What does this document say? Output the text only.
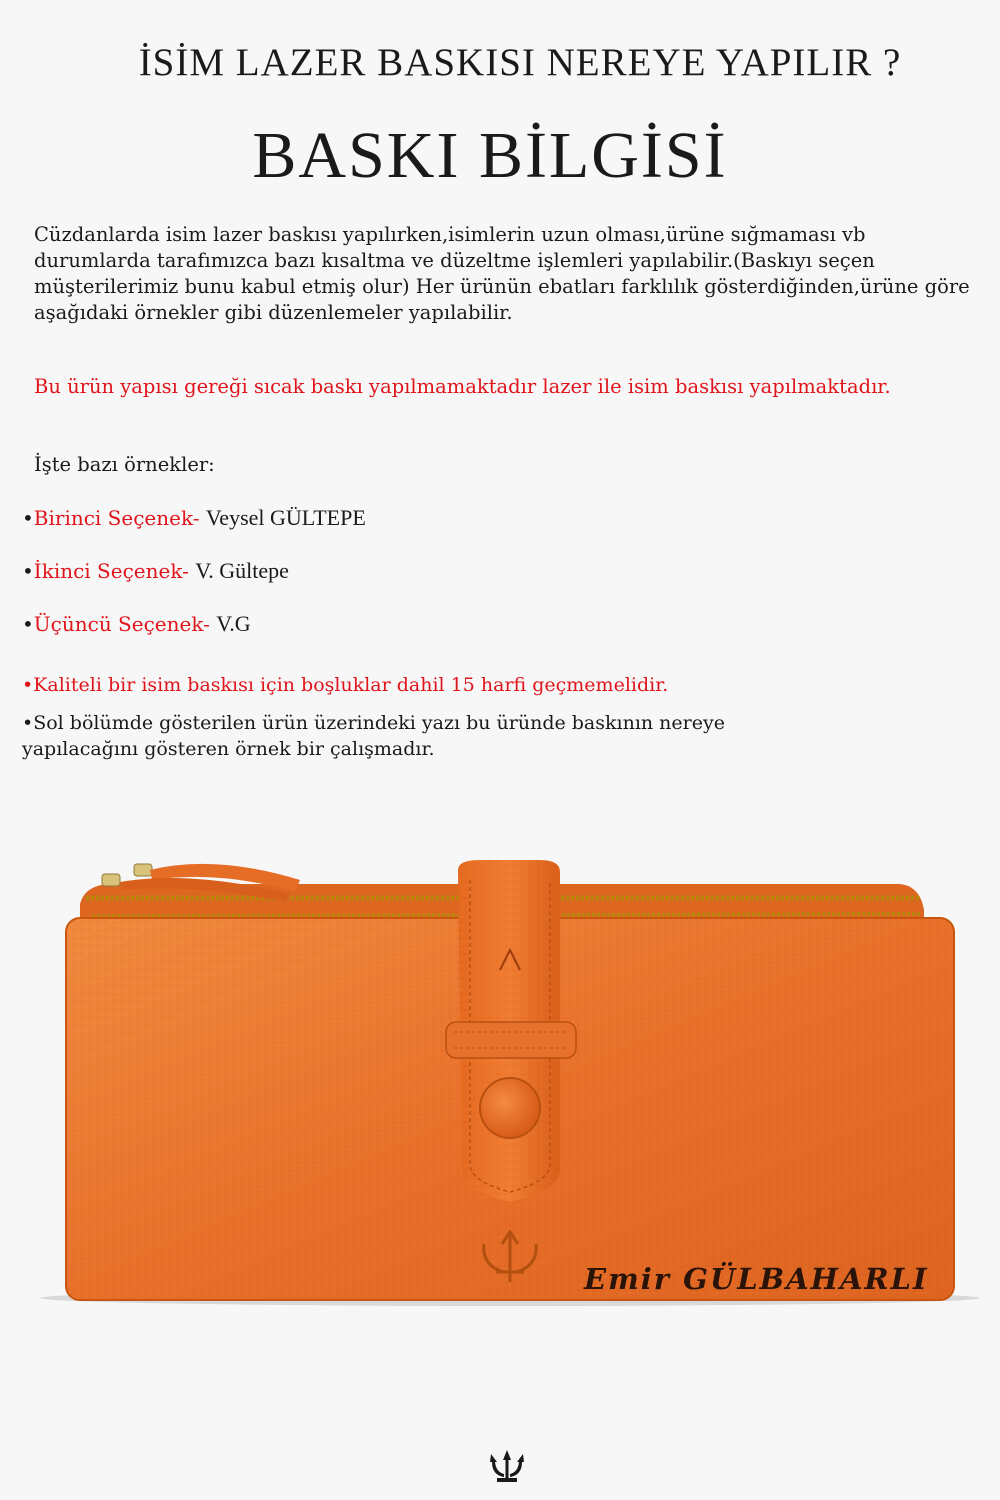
İSİM LAZER BASKISI NEREYE YAPILIR ?
BASKI BİLGİSİ
Cüzdanlarda isim lazer baskısı yapılırken,isimlerin uzun olması,ürüne sığmaması vb durumlarda tarafımızca bazı kısaltma ve düzeltme işlemleri yapılabilir.(Baskıyı seçen müşterilerimiz bunu kabul etmiş olur) Her ürünün ebatları farklılık gösterdiğinden,ürüne göre aşağıdaki örnekler gibi düzenlemeler yapılabilir.
Bu ürün yapısı gereği sıcak baskı yapılmamaktadır lazer ile isim baskısı yapılmaktadır.
İşte bazı örnekler:
•Birinci Seçenek- Veysel GÜLTEPE
•İkinci Seçenek- V. Gültepe
•Üçüncü Seçenek- V.G
•Kaliteli bir isim baskısı için boşluklar dahil 15 harfi geçmemelidir.
•Sol bölümde gösterilen ürün üzerindeki yazı bu üründe baskının nereye yapılacağını gösteren örnek bir çalışmadır.
Emir GÜLBAHARLI
